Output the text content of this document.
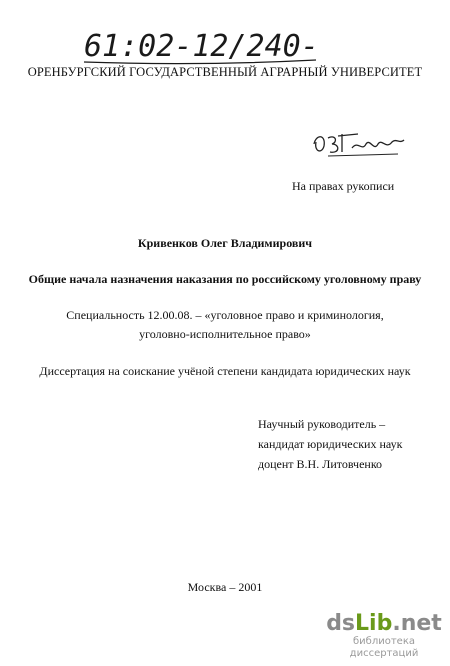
61:02-12/240-6
ОРЕНБУРГСКИЙ ГОСУДАРСТВЕННЫЙ АГРАРНЫЙ УНИВЕРСИТЕТ
На правах рукописи
Кривенков Олег Владимирович
Общие начала назначения наказания по российскому уголовному праву
Специальность 12.00.08. – «уголовное право и криминология,
уголовно-исполнительное право»
Диссертация на соискание учёной степени кандидата юридических наук
Научный руководитель –
кандидат юридических наук
доцент В.Н. Литовченко
Москва – 2001
dsLib.net
библиотека диссертаций
